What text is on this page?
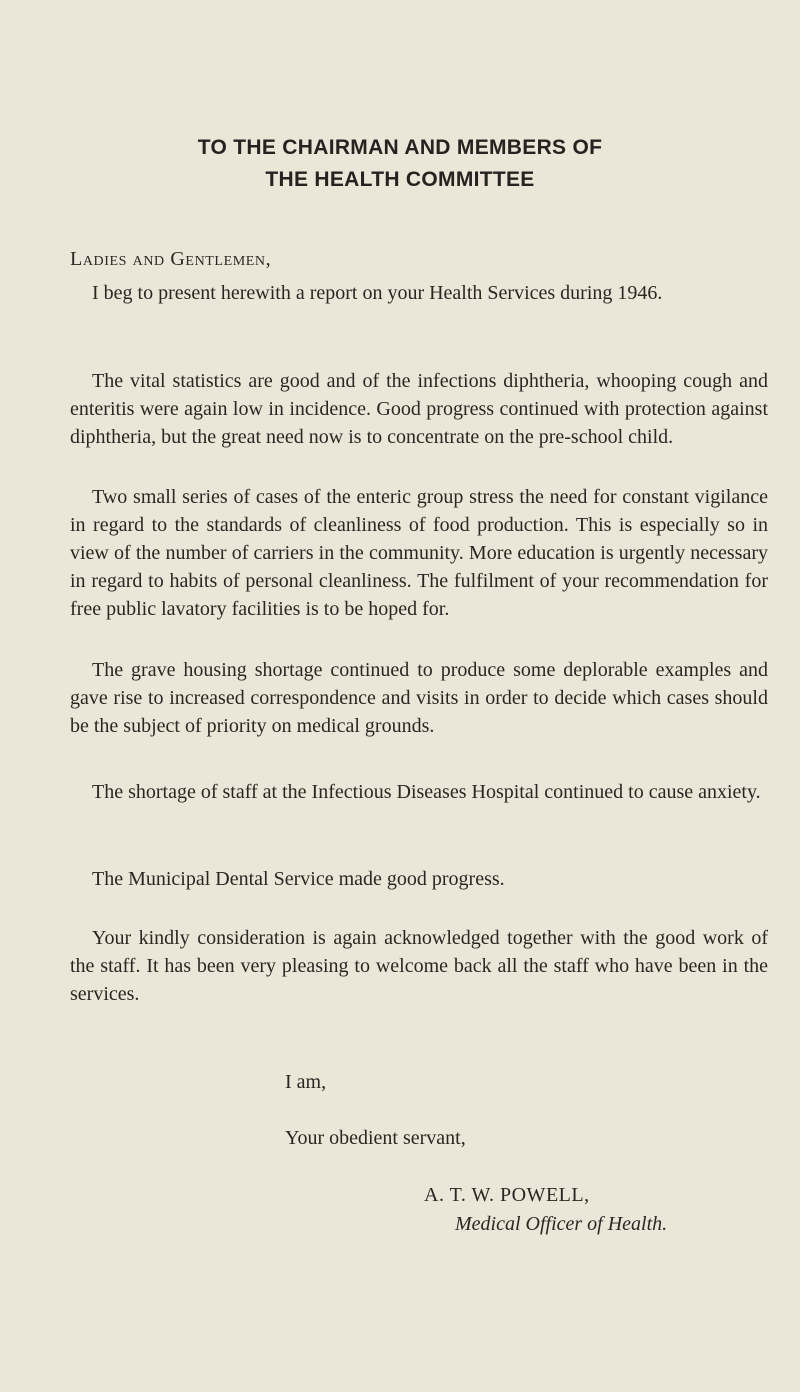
TO THE CHAIRMAN AND MEMBERS OF
THE HEALTH COMMITTEE

Ladies and Gentlemen,

I beg to present herewith a report on your Health Services during 1946.

The vital statistics are good and of the infections diphtheria, whooping cough and enteritis were again low in incidence. Good progress continued with protection against diphtheria, but the great need now is to concentrate on the pre-school child.

Two small series of cases of the enteric group stress the need for constant vigilance in regard to the standards of cleanliness of food production. This is especially so in view of the number of carriers in the community. More education is urgently necessary in regard to habits of personal cleanliness. The fulfilment of your recommendation for free public lavatory facilities is to be hoped for.

The grave housing shortage continued to produce some deplorable examples and gave rise to increased correspondence and visits in order to decide which cases should be the subject of priority on medical grounds.

The shortage of staff at the Infectious Diseases Hospital continued to cause anxiety.

The Municipal Dental Service made good progress.

Your kindly consideration is again acknowledged together with the good work of the staff. It has been very pleasing to welcome back all the staff who have been in the services.

I am,

Your obedient servant,

A. T. W. POWELL,

Medical Officer of Health.
